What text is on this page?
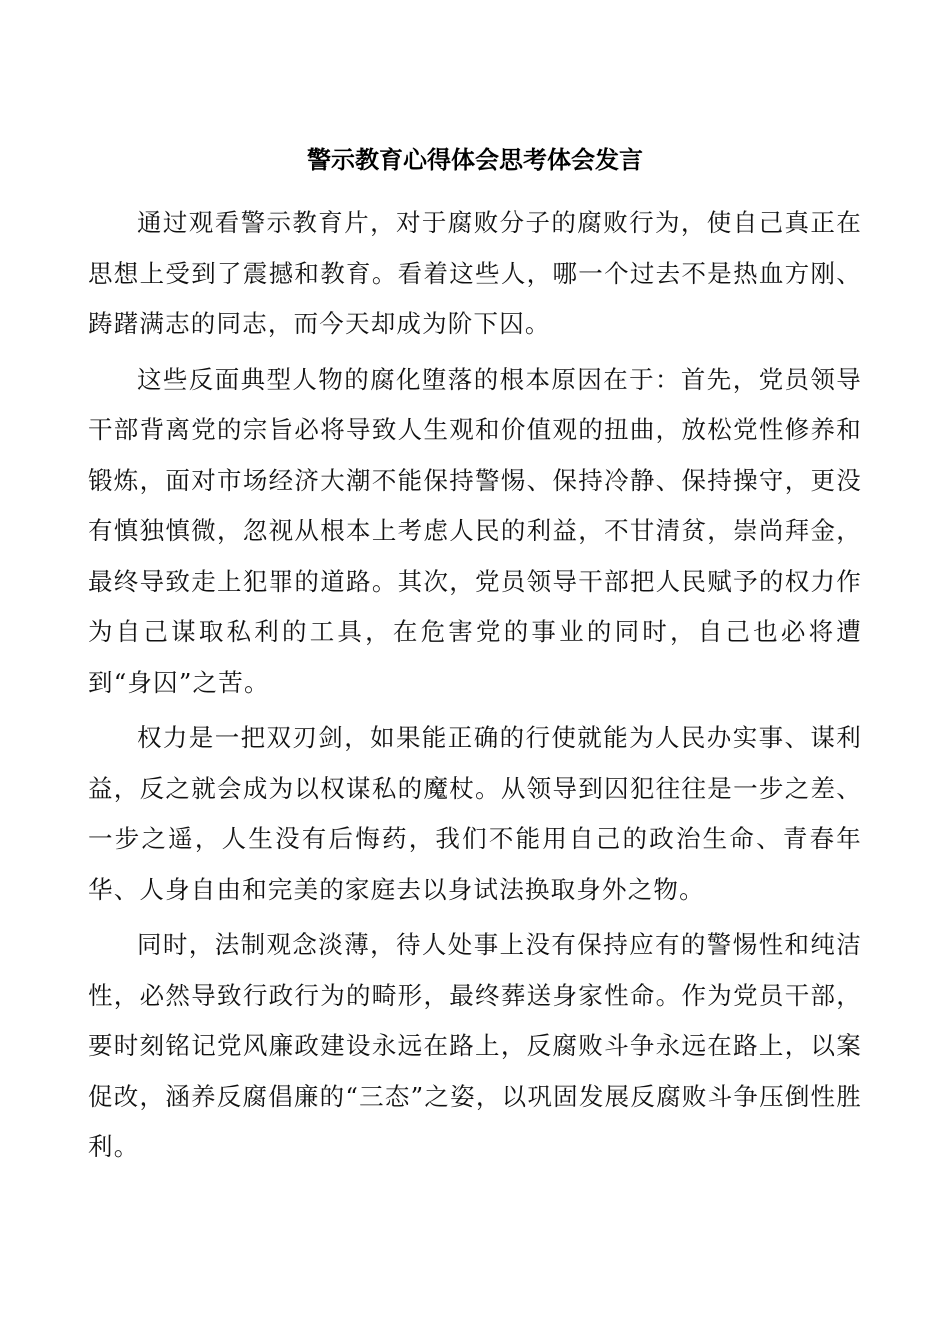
警示教育心得体会思考体会发言

通过观看警示教育片，对于腐败分子的腐败行为，使自己真正在思想上受到了震撼和教育。看着这些人，哪一个过去不是热血方刚、踌躇满志的同志，而今天却成为阶下囚。

这些反面典型人物的腐化堕落的根本原因在于：首先，党员领导干部背离党的宗旨必将导致人生观和价值观的扭曲，放松党性修养和锻炼，面对市场经济大潮不能保持警惕、保持冷静、保持操守，更没有慎独慎微，忽视从根本上考虑人民的利益，不甘清贫，崇尚拜金，最终导致走上犯罪的道路。其次，党员领导干部把人民赋予的权力作为自己谋取私利的工具，在危害党的事业的同时，自己也必将遭到“身囚”之苦。

权力是一把双刃剑，如果能正确的行使就能为人民办实事、谋利益，反之就会成为以权谋私的魔杖。从领导到囚犯往往是一步之差、一步之遥，人生没有后悔药，我们不能用自己的政治生命、青春年华、人身自由和完美的家庭去以身试法换取身外之物。

同时，法制观念淡薄，待人处事上没有保持应有的警惕性和纯洁性，必然导致行政行为的畸形，最终葬送身家性命。作为党员干部，要时刻铭记党风廉政建设永远在路上，反腐败斗争永远在路上，以案促改，涵养反腐倡廉的“三态”之姿，以巩固发展反腐败斗争压倒性胜利。
